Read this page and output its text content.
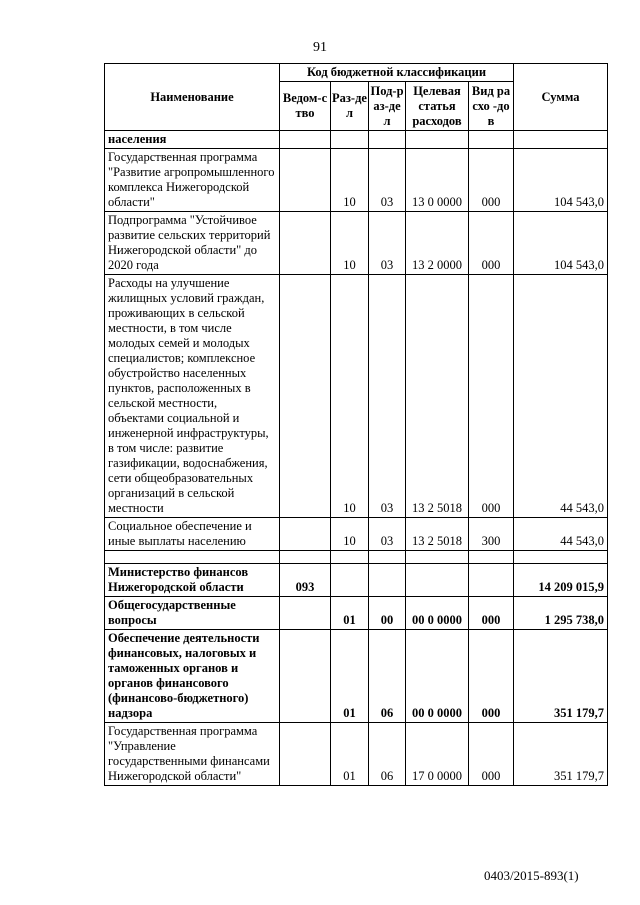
91
Наименование	Код бюджетной классификации					Сумма
	Ведом-ство	Раз-дел	Под-раз-дел	Целевая статья расходов	Вид расхо -дов	
населения						
Государственная программа "Развитие агропромышленного комплекса Нижегородской области"		10	03	13 0 0000	000	104 543,0
Подпрограмма "Устойчивое развитие сельских территорий Нижегородской области" до 2020 года		10	03	13 2 0000	000	104 543,0
Расходы на улучшение жилищных условий граждан, проживающих в сельской местности, в том числе молодых семей и молодых специалистов; комплексное обустройство населенных пунктов, расположенных в сельской местности, объектами социальной и инженерной инфраструктуры, в том числе: развитие газификации, водоснабжения, сети общеобразовательных организаций в сельской местности		10	03	13 2 5018	000	44 543,0
Социальное обеспечение и иные выплаты населению		10	03	13 2 5018	300	44 543,0

Министерство финансов Нижегородской области	093					14 209 015,9
Общегосударственные вопросы		01	00	00 0 0000	000	1 295 738,0
Обеспечение деятельности финансовых, налоговых и таможенных органов и органов финансового (финансово-бюджетного) надзора		01	06	00 0 0000	000	351 179,7
Государственная программа "Управление государственными финансами Нижегородской области"		01	06	17 0 0000	000	351 179,7
0403/2015-893(1)
